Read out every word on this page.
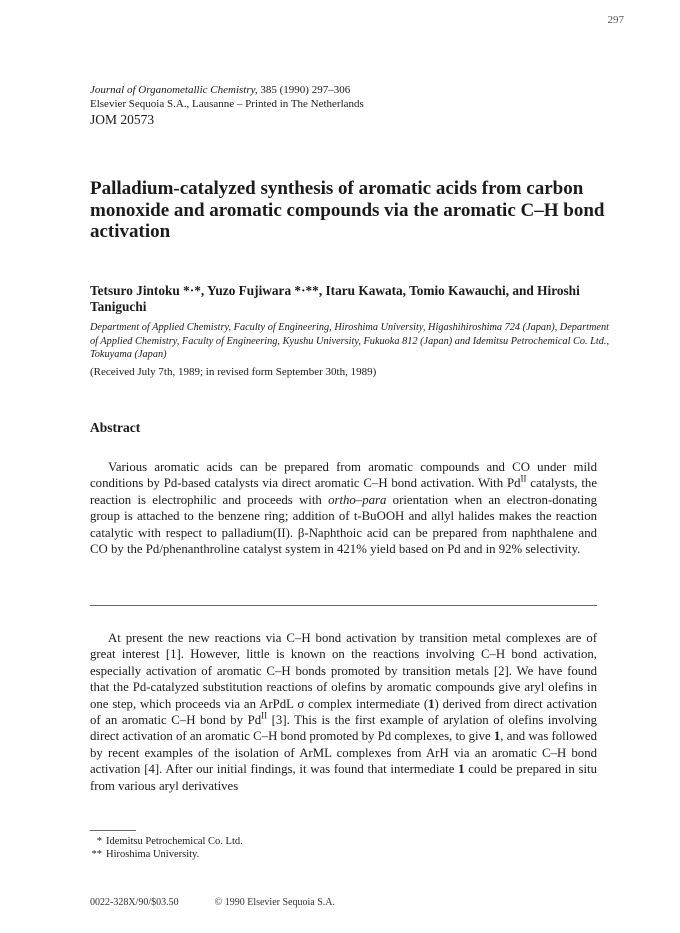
297
Journal of Organometallic Chemistry, 385 (1990) 297–306
Elsevier Sequoia S.A., Lausanne – Printed in The Netherlands
JOM 20573
Palladium-catalyzed synthesis of aromatic acids from carbon monoxide and aromatic compounds via the aromatic C–H bond activation
Tetsuro Jintoku *·*, Yuzo Fujiwara *·**, Itaru Kawata, Tomio Kawauchi, and Hiroshi Taniguchi
Department of Applied Chemistry, Faculty of Engineering, Hiroshima University, Higashihiroshima 724 (Japan), Department of Applied Chemistry, Faculty of Engineering, Kyushu University, Fukuoka 812 (Japan) and Idemitsu Petrochemical Co. Ltd., Tokuyama (Japan)
(Received July 7th, 1989; in revised form September 30th, 1989)
Abstract

Various aromatic acids can be prepared from aromatic compounds and CO under mild conditions by Pd-based catalysts via direct aromatic C–H bond activation. With $Pd^{II}$ catalysts, the reaction is electrophilic and proceeds with ortho–para orientation when an electron-donating group is attached to the benzene ring; addition of t-BuOOH and allyl halides makes the reaction catalytic with respect to palladium(II). β-Naphthoic acid can be prepared from naphthalene and CO by the Pd/phenanthroline catalyst system in 421% yield based on Pd and in 92% selectivity.

At present the new reactions via C–H bond activation by transition metal complexes are of great interest [1]. However, little is known on the reactions involving C–H bond activation, especially activation of aromatic C–H bonds promoted by transition metals [2]. We have found that the Pd-catalyzed substitution reactions of olefins by aromatic compounds give aryl olefins in one step, which proceeds via an ArPdL σ complex intermediate (1) derived from direct activation of an aromatic C–H bond by $Pd^{II}$ [3]. This is the first example of arylation of olefins involving direct activation of an aromatic C–H bond promoted by Pd complexes, to give 1, and was followed by recent examples of the isolation of ArML complexes from ArH via an aromatic C–H bond activation [4]. After our initial findings, it was found that intermediate 1 could be prepared in situ from various aryl derivatives

* Idemitsu Petrochemical Co. Ltd.
** Hiroshima University.
0022-328X/90/$03.50	© 1990 Elsevier Sequoia S.A.
